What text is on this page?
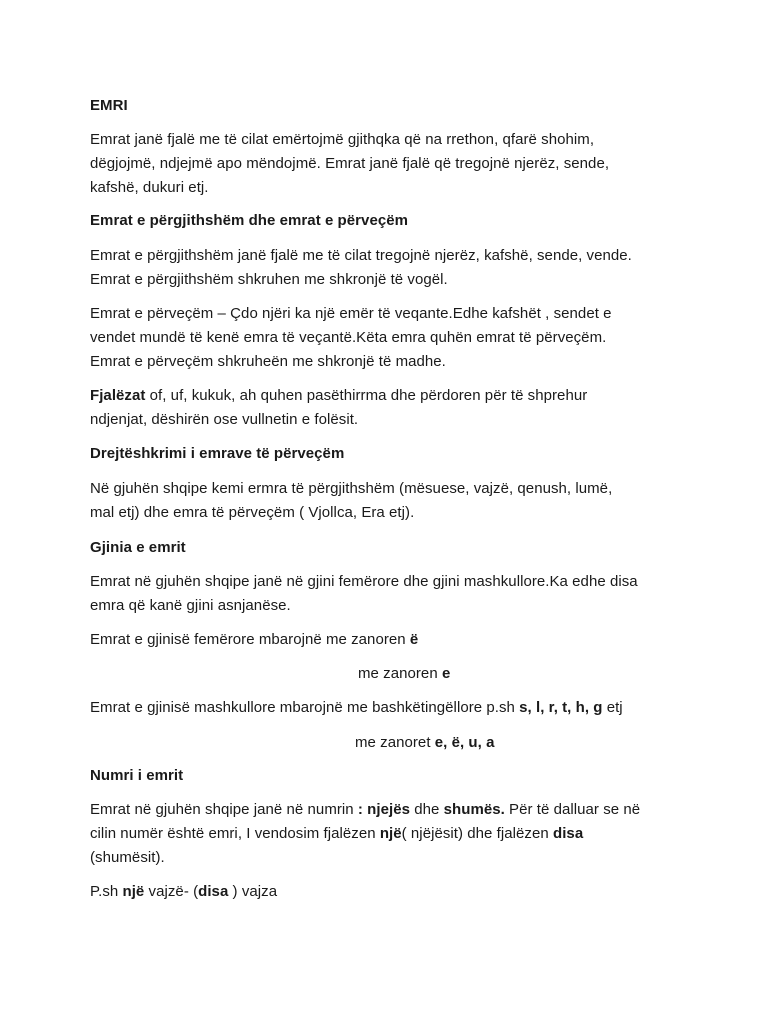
EMRI
Emrat janë fjalë me të cilat emërtojmë gjithqka që na rrethon, qfarë shohim,
dëgjojmë, ndjejmë apo mëndojmë. Emrat janë fjalë që tregojnë njerëz, sende,
kafshë, dukuri etj.
Emrat e përgjithshëm dhe emrat e përveçëm
Emrat e përgjithshëm janë fjalë me të cilat tregojnë njerëz, kafshë, sende, vende.
Emrat e përgjithshëm shkruhen me shkronjë të vogël.
Emrat e përveçëm – Çdo njëri ka një emër të veqante.Edhe kafshët , sendet e
vendet mundë të kenë emra të veçantë.Këta emra quhën emrat të përveçëm.
Emrat e përveçëm shkruheën me shkronjë të madhe.
Fjalëzat of, uf, kukuk, ah quhen pasëthirrma dhe përdoren për të shprehur
ndjenjat, dëshirën ose vullnetin e folësit.
Drejtëshkrimi i emrave të përveçëm
Në gjuhën shqipe kemi ermra të përgjithshëm (mësuese, vajzë, qenush, lumë,
mal etj) dhe emra të përveçëm ( Vjollca, Era etj).
Gjinia e emrit
Emrat në gjuhën shqipe janë në gjini femërore dhe gjini mashkullore.Ka edhe disa
emra që kanë gjini asnjanëse.
Emrat e gjinisë femërore mbarojnë me zanoren ë
me zanoren e
Emrat e gjinisë mashkullore mbarojnë me bashkëtingëllore p.sh s, l, r, t, h, g etj
me zanoret e, ë, u, a
Numri i emrit
Emrat në gjuhën shqipe janë në numrin : njejës dhe shumës. Për të dalluar se në
cilin numër është emri, I vendosim fjalëzen një( njëjësit) dhe fjalëzen disa
(shumësit).
P.sh një vajzë- (disa ) vajza
